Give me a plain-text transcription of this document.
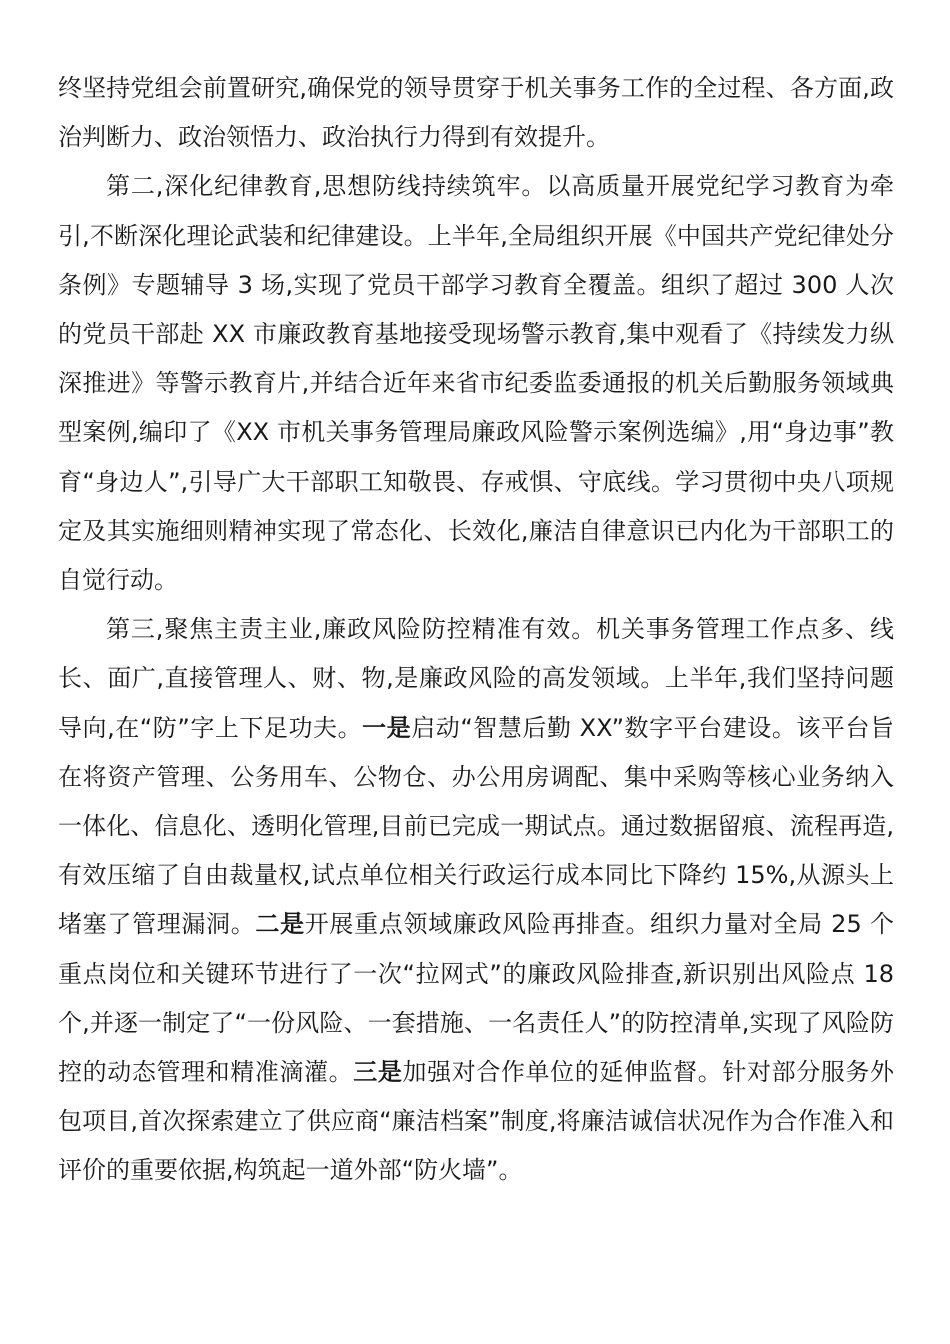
终坚持党组会前置研究,确保党的领导贯穿于机关事务工作的全过程、各方面,政治判断力、政治领悟力、政治执行力得到有效提升。

第二,深化纪律教育,思想防线持续筑牢。以高质量开展党纪学习教育为牵引,不断深化理论武装和纪律建设。上半年,全局组织开展《中国共产党纪律处分条例》专题辅导 3 场,实现了党员干部学习教育全覆盖。组织了超过 300 人次的党员干部赴 XX 市廉政教育基地接受现场警示教育,集中观看了《持续发力纵深推进》等警示教育片,并结合近年来省市纪委监委通报的机关后勤服务领域典型案例,编印了《XX 市机关事务管理局廉政风险警示案例选编》,用“身边事”教育“身边人”,引导广大干部职工知敬畏、存戒惧、守底线。学习贯彻中央八项规定及其实施细则精神实现了常态化、长效化,廉洁自律意识已内化为干部职工的自觉行动。

第三,聚焦主责主业,廉政风险防控精准有效。机关事务管理工作点多、线长、面广,直接管理人、财、物,是廉政风险的高发领域。上半年,我们坚持问题导向,在“防”字上下足功夫。一是启动“智慧后勤 XX”数字平台建设。该平台旨在将资产管理、公务用车、公物仓、办公用房调配、集中采购等核心业务纳入一体化、信息化、透明化管理,目前已完成一期试点。通过数据留痕、流程再造,有效压缩了自由裁量权,试点单位相关行政运行成本同比下降约 15%,从源头上堵塞了管理漏洞。二是开展重点领域廉政风险再排查。组织力量对全局 25 个重点岗位和关键环节进行了一次“拉网式”的廉政风险排查,新识别出风险点 18 个,并逐一制定了“一份风险、一套措施、一名责任人”的防控清单,实现了风险防控的动态管理和精准滴灌。三是加强对合作单位的延伸监督。针对部分服务外包项目,首次探索建立了供应商“廉洁档案”制度,将廉洁诚信状况作为合作准入和评价的重要依据,构筑起一道外部“防火墙”。
